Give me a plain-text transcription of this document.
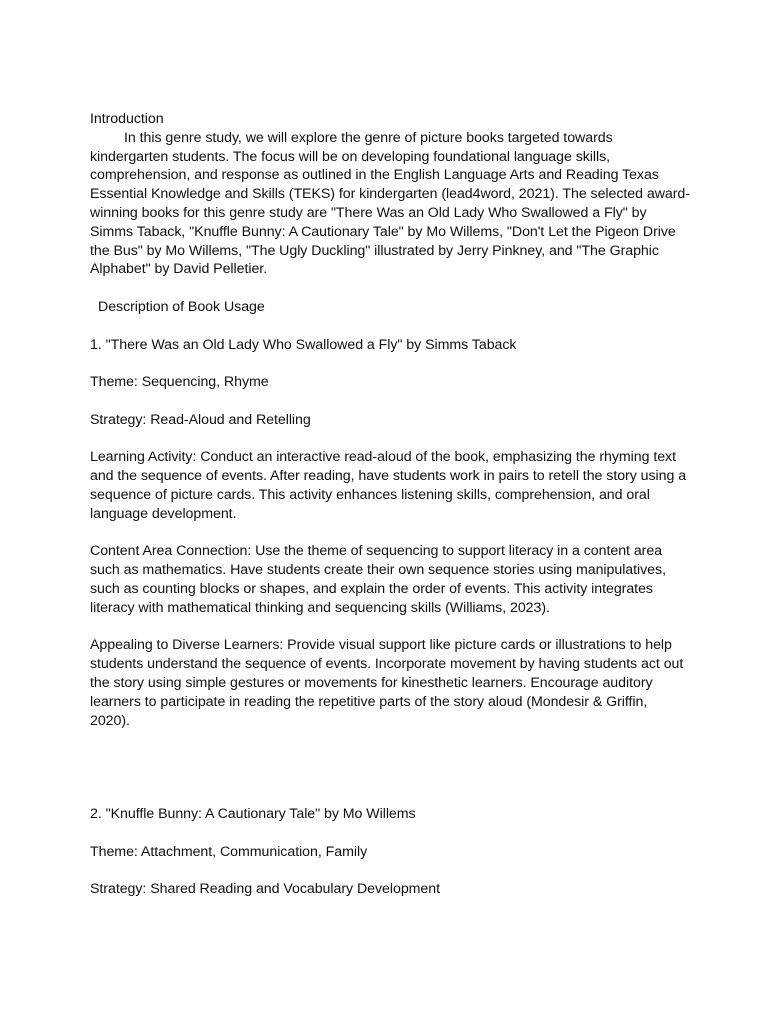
Introduction

In this genre study, we will explore the genre of picture books targeted towards kindergarten students. The focus will be on developing foundational language skills, comprehension, and response as outlined in the English Language Arts and Reading Texas Essential Knowledge and Skills (TEKS) for kindergarten (lead4word, 2021). The selected award-winning books for this genre study are "There Was an Old Lady Who Swallowed a Fly" by Simms Taback, "Knuffle Bunny: A Cautionary Tale" by Mo Willems, "Don't Let the Pigeon Drive the Bus" by Mo Willems, "The Ugly Duckling" illustrated by Jerry Pinkney, and "The Graphic Alphabet" by David Pelletier.

Description of Book Usage

1. "There Was an Old Lady Who Swallowed a Fly" by Simms Taback

Theme: Sequencing, Rhyme

Strategy: Read-Aloud and Retelling

Learning Activity: Conduct an interactive read-aloud of the book, emphasizing the rhyming text and the sequence of events. After reading, have students work in pairs to retell the story using a sequence of picture cards. This activity enhances listening skills, comprehension, and oral language development.

Content Area Connection: Use the theme of sequencing to support literacy in a content area such as mathematics. Have students create their own sequence stories using manipulatives, such as counting blocks or shapes, and explain the order of events. This activity integrates literacy with mathematical thinking and sequencing skills (Williams, 2023).

Appealing to Diverse Learners: Provide visual support like picture cards or illustrations to help students understand the sequence of events. Incorporate movement by having students act out the story using simple gestures or movements for kinesthetic learners. Encourage auditory learners to participate in reading the repetitive parts of the story aloud (Mondesir & Griffin, 2020).

2. "Knuffle Bunny: A Cautionary Tale" by Mo Willems

Theme: Attachment, Communication, Family

Strategy: Shared Reading and Vocabulary Development
